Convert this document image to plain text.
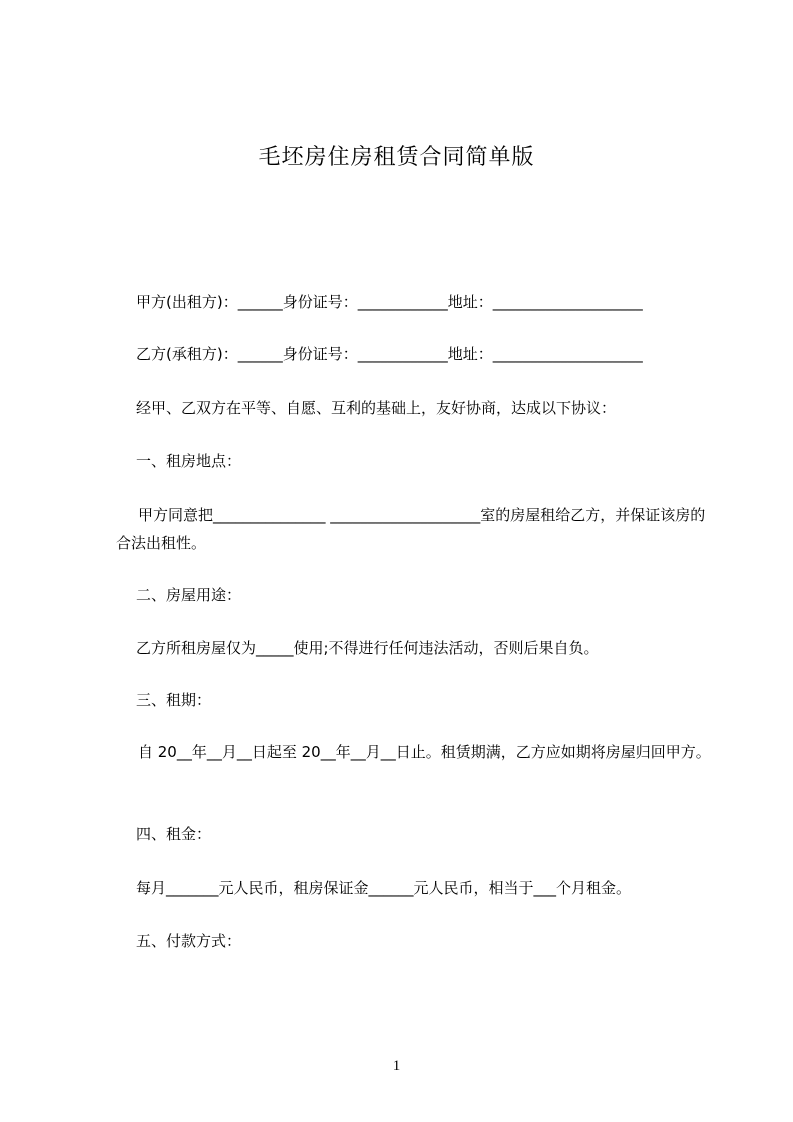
毛坯房住房租赁合同简单版
甲方(出租方)：______身份证号：____________地址：____________________
乙方(承租方)：______身份证号：____________地址：____________________
经甲、乙双方在平等、自愿、互利的基础上，友好协商，达成以下协议：
一、租房地点：
甲方同意把_______________ ____________________室的房屋租给乙方，并保证该房的合法出租性。
二、房屋用途：
乙方所租房屋仅为_____使用;不得进行任何违法活动，否则后果自负。
三、租期：
自 20__年__月__日起至 20__年__月__日止。租赁期满，乙方应如期将房屋归回甲方。
四、租金：
每月_______元人民币，租房保证金______元人民币，相当于___个月租金。
五、付款方式：
1
